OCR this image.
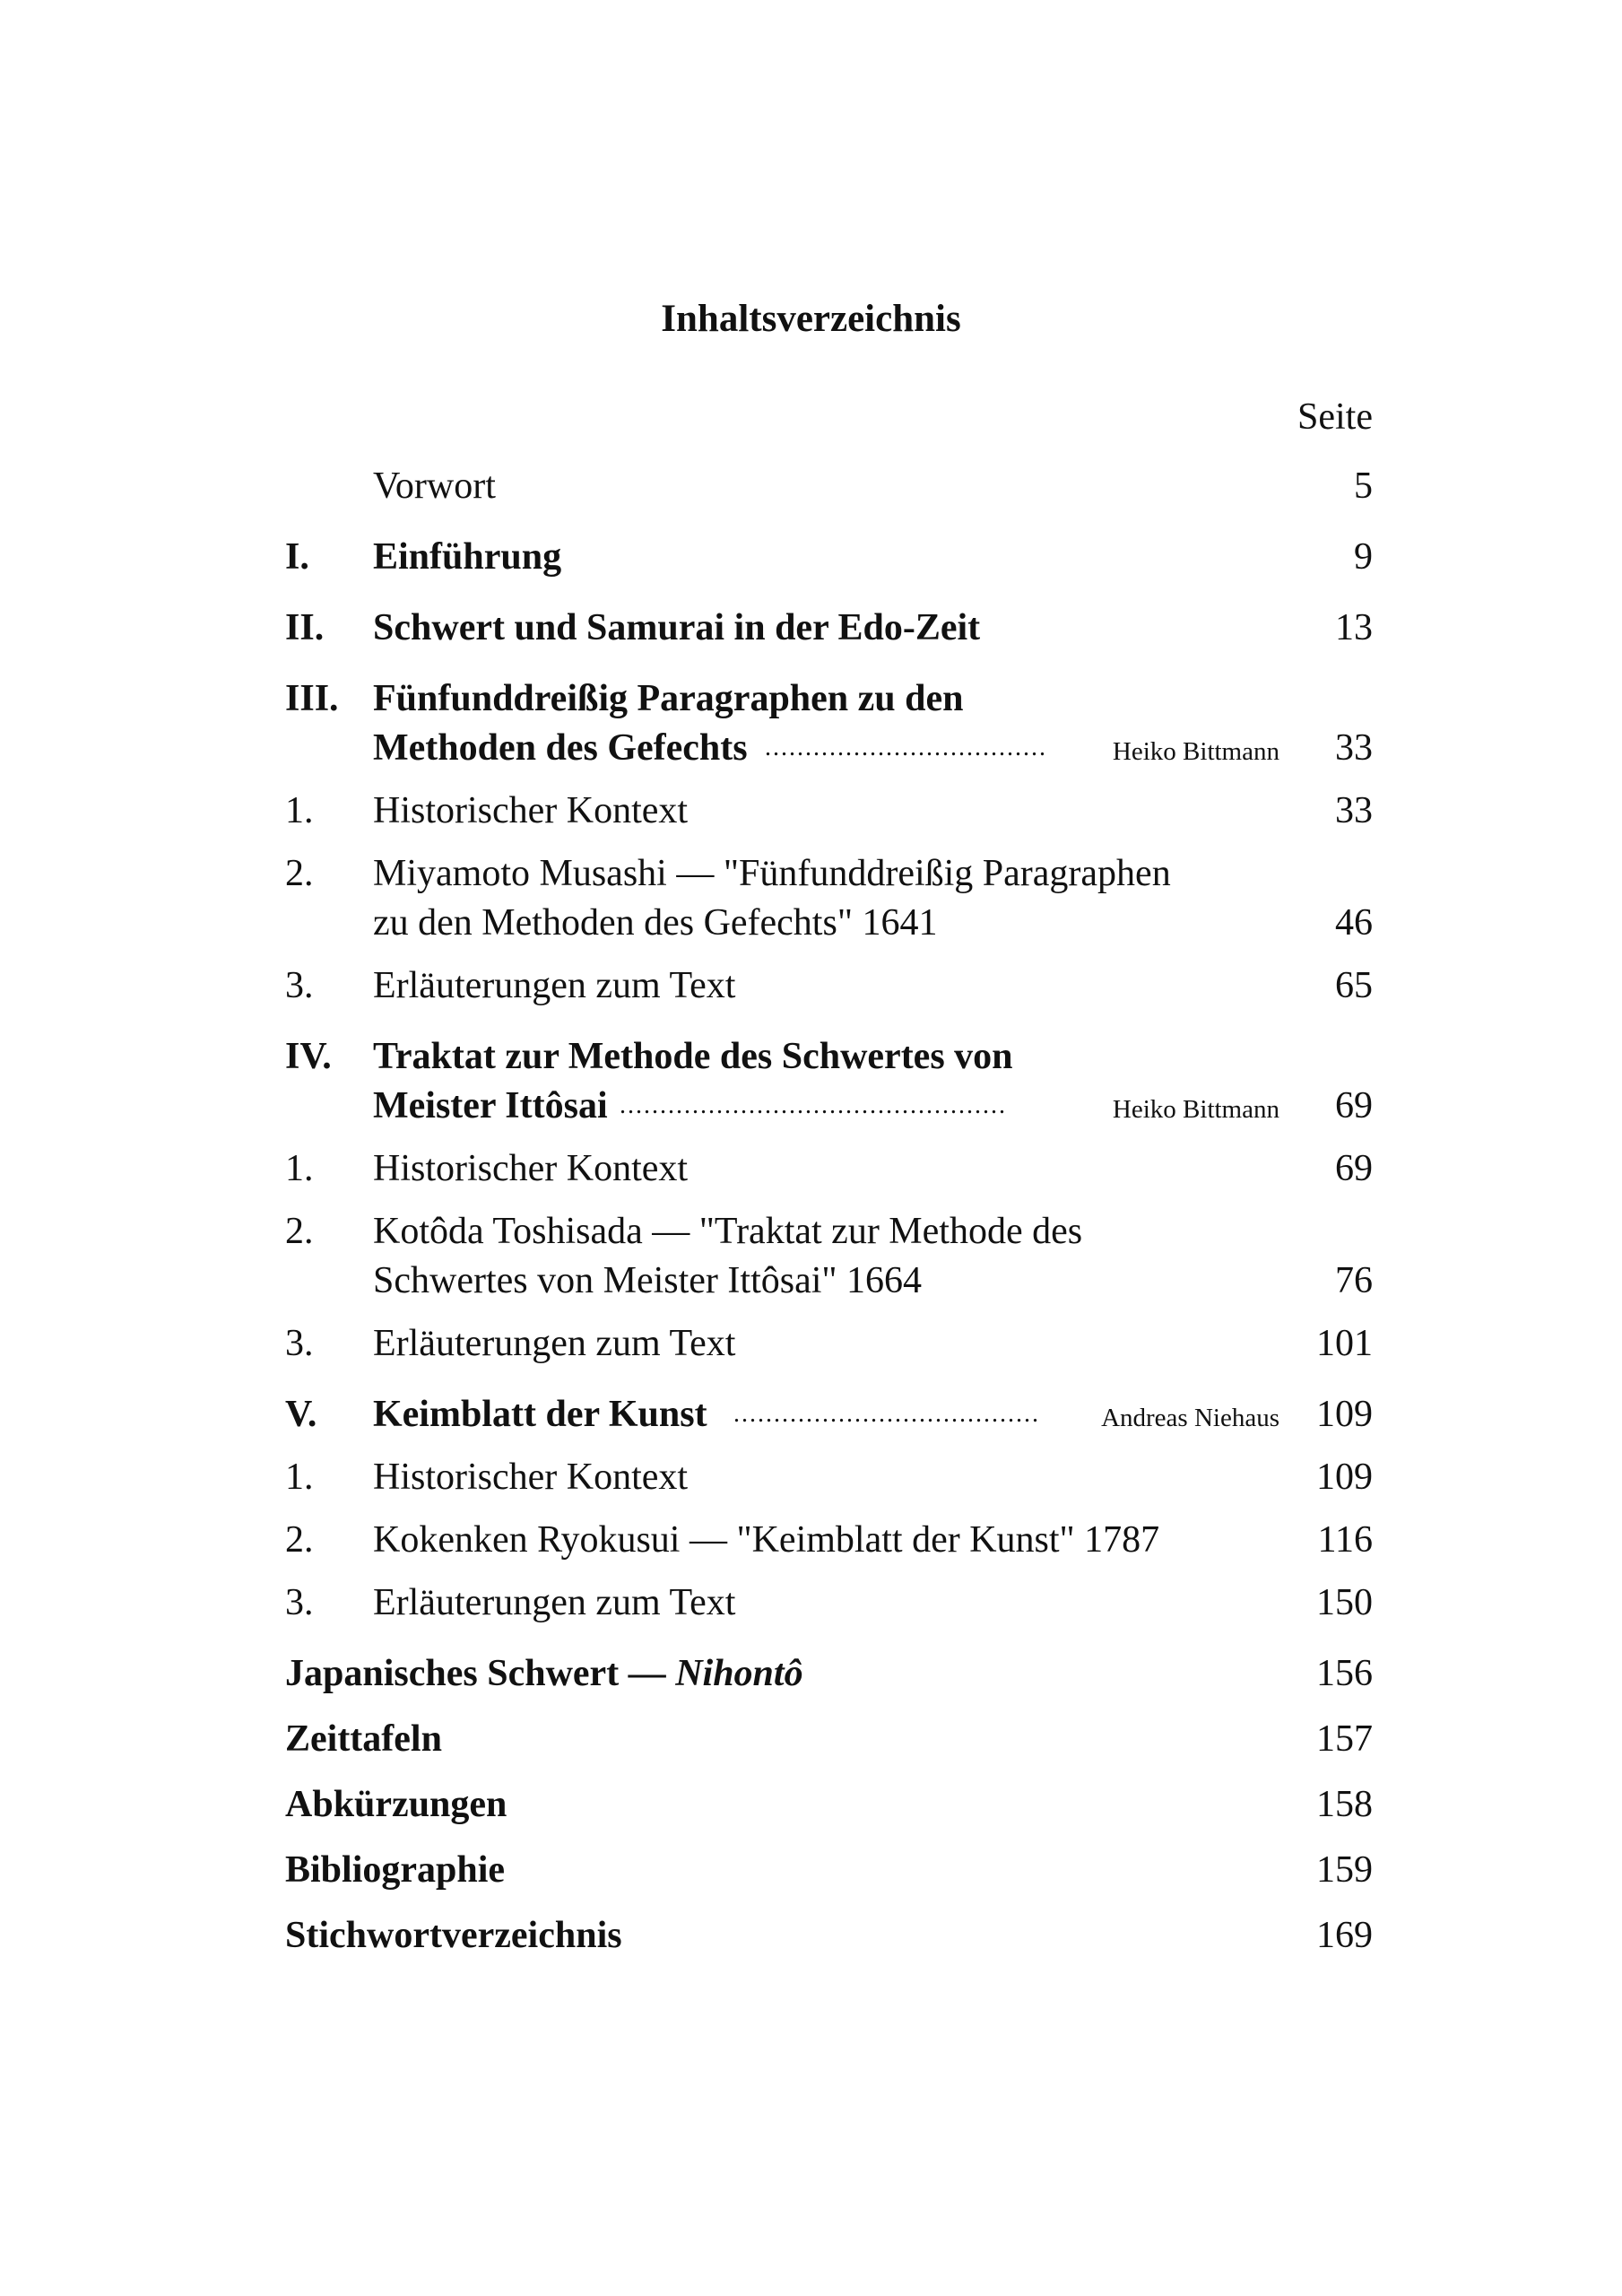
Inhaltsverzeichnis
Seite
Vorwort	5
I. Einführung	9
II. Schwert und Samurai in der Edo-Zeit	13
III. Fünfunddreißig Paragraphen zu den
Methoden des Gefechts ...................................	Heiko Bittmann 33
1. Historischer Kontext	33
2. Miyamoto Musashi — "Fünfunddreißig Paragraphen
zu den Methoden des Gefechts" 1641	46
3. Erläuterungen zum Text	65
IV. Traktat zur Methode des Schwertes von
Meister Ittôsai ................................................	Heiko Bittmann 69
1. Historischer Kontext	69
2. Kotôda Toshisada — "Traktat zur Methode des
Schwertes von Meister Ittôsai" 1664	76
3. Erläuterungen zum Text	101
V. Keimblatt der Kunst ......................................	Andreas Niehaus 109
1. Historischer Kontext	109
2. Kokenken Ryokusui — "Keimblatt der Kunst" 1787	116
3. Erläuterungen zum Text	150
Japanisches Schwert — Nihontô	156
Zeittafeln	157
Abkürzungen	158
Bibliographie	159
Stichwortverzeichnis	169
